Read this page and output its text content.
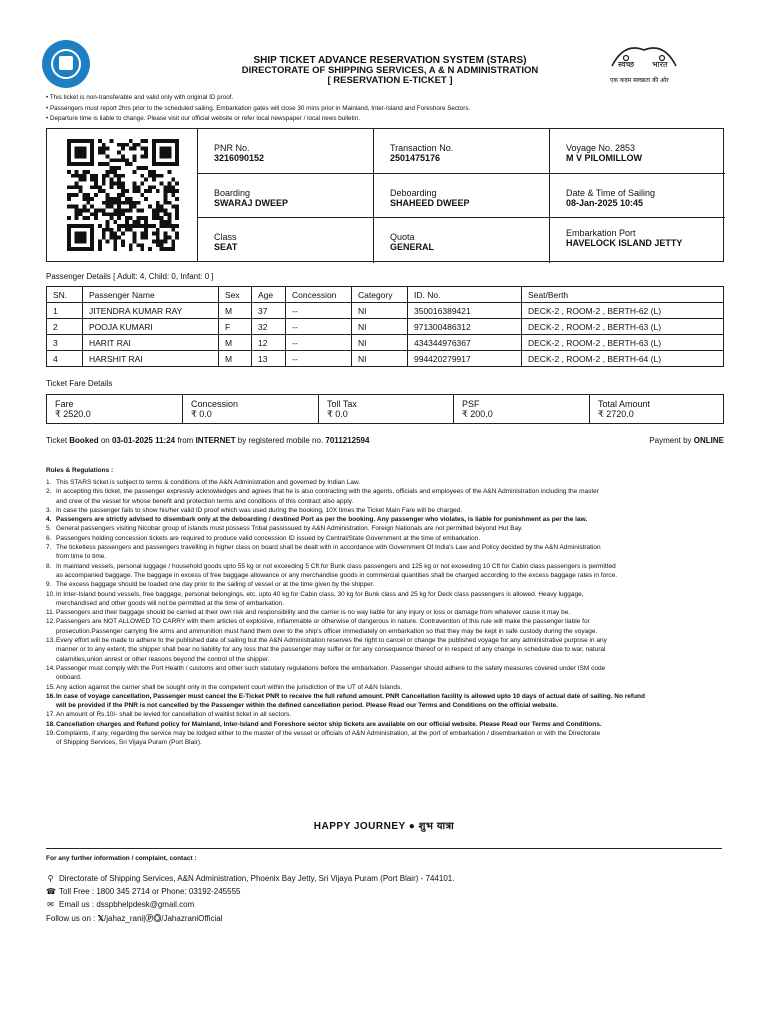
स्वच्छ भारत
एक कदम स्वच्छता की ओर
SHIP TICKET ADVANCE RESERVATION SYSTEM (STARS)
DIRECTORATE OF SHIPPING SERVICES, A & N ADMINISTRATION
[ RESERVATION E-TICKET ]
• This ticket is non-transferable and valid only with original ID proof.
• Passengers must report 2hrs prior to the scheduled sailing. Embarkation gates will close 30 mins prior in Mainland, Inter-Island and Foreshore Sectors.
• Departure time is liable to change. Please visit our official website or refer local newspaper / local news bulletin.
PNR No.
3216090152
Transaction No.
2501475176
Voyage No. 2853
M V PILOMILLOW
Boarding
SWARAJ DWEEP
Deboarding
SHAHEED DWEEP
Date & Time of Sailing
08-Jan-2025 10:45
Class
SEAT
Quota
GENERAL
Embarkation Port
HAVELOCK ISLAND JETTY
Passenger Details [ Adult: 4, Child: 0, Infant: 0 ]
SN.	Passenger Name	Sex	Age	Concession	Category	ID. No.	Seat/Berth
1	JITENDRA KUMAR RAY	M	37	--	NI	350016389421	DECK-2 , ROOM-2 , BERTH-62 (L)
2	POOJA KUMARI	F	32	--	NI	971300486312	DECK-2 , ROOM-2 , BERTH-63 (L)
3	HARIT RAI	M	12	--	NI	434344976367	DECK-2 , ROOM-2 , BERTH-63 (L)
4	HARSHIT RAI	M	13	--	NI	994420279917	DECK-2 , ROOM-2 , BERTH-64 (L)
Ticket Fare Details
Fare
₹ 2520.0
Concession
₹ 0.0
Toll Tax
₹ 0.0
PSF
₹ 200.0
Total Amount
₹ 2720.0
Ticket Booked on 03-01-2025 11:24 from INTERNET by registered mobile no. 7011212594	Payment by ONLINE
Rules & Regulations :
1. This STARS ticket is subject to terms & conditions of the A&N Administration and governed by Indian Law.
2. In accepting this ticket, the passenger expressly acknowledges and agrees that he is also contracting with the agents, officials and employees of the A&N Administration including the master
and crew of the vessel for whose benefit and protection terms and conditions of this contract also apply.
3. In case the passenger fails to show his/her valid ID proof which was used during the booking, 10X times the Ticket Main Fare will be charged.
4. Passengers are strictly advised to disembark only at the deboarding / destined Port as per the booking. Any passenger who violates, is liable for punishment as per the law.
5. General passengers visiting Nicobar group of islands must possess Tribal passissued by A&N Administration. Foreign Nationals are not permitted beyond Hut Bay.
6. Passengers holding concession tickets are required to produce valid concession ID issued by Central/State Government at the time of embarkation.
7. The ticketless passengers and passengers travelling in higher class on board shall be dealt with in accordance with Government Of India's Law and Policy decided by the A&N Administration
from time to time.
8. In mainland vessels, personal luggage / household goods upto 55 kg or not exceeding 5 Cft for Bunk class passengers and 125 kg or not exceeding 10 Cft for Cabin class passengers is permitted
as accompanied baggage. The baggage in excess of free baggage allowance or any merchandise goods in commercial quantities shall be charged according to the excess baggage rates in force.
9. The excess baggage should be loaded one day prior to the sailing of vessel or at the time given by the shipper.
10. In Inter-Island bound vessels, free baggage, personal belongings, etc. upto 40 kg for Cabin class, 30 kg for Bunk class and 25 kg for Deck class passengers is allowed. Heavy luggage,
merchandised and other goods will not be permitted at the time of embarkation.
11. Passengers and their baggage should be carried at their own risk and responsibility and the carrier is no way liable for any injury or loss or damage from whatever cause it may be.
12. Passengers are NOT ALLOWED TO CARRY with them articles of explosive, inflammable or otherwise of dangerous in nature. Contravention of this rule will make the passenger liable for
prosecution.Passenger carrying fire arms and ammunition must hand them over to the ship's officer immediately on embarkation so that they may be kept in safe custody during the voyage.
13. Every effort will be made to adhere to the published date of sailing but the A&N Administration reserves the right to cancel or change the published voyage for any administrative purpose in any
manner or to any extent, the shipper shall bear no liability for any loss that the passenger may suffer or for any consequence thereof or in respect of any change in schedule due to war, natural
calamities,union anrest or other reasons beyond the control of the shipper.
14. Passenger must comply with the Port Health / customs and other such statutary regulations before the embarkation. Passenger should adhere to the safety measures covered under ISM code
onboard.
15. Any action against the carrier shall be sought only in the competent court within the jurisdiction of the UT of A&N Islands.
16. In case of voyage cancellation, Passenger must cancel the E-Ticket PNR to receive the full refund amount. PNR Cancellation facility is allowed upto 10 days of actual date of sailing. No refund
will be provided if the PNR is not cancelled by the Passenger within the defined cancellation period. Please Read our Terms and Conditions on the official website.
17. An amount of Rs.10/- shall be levied for cancellation of waitlist ticket in all sectors.
18. Cancellation charges and Refund policy for Mainland, Inter-Island and Foreshore sector ship tickets are available on our official website. Please Read our Terms and Conditions.
19. Complaints, if any, regarding the service may be lodged either to the master of the vessel or officials of A&N Administration, at the port of embarkation / disembarkation or with the Directorate
of Shipping Services, Sri Vijaya Puram (Port Blair).
HAPPY JOURNEY ● शुभ यात्रा
For any further information / complaint, contact :
⚲ Directorate of Shipping Services, A&N Administration, Phoenix Bay Jetty, Sri Vijaya Puram (Port Blair) - 744101.
☎ Toll Free : 1800 345 2714 or Phone: 03192-245555
✉ Email us : dsspbhelpdesk@gmail.com
Follow us on : 𝕏/jahaz_rani|Ⓟ◎/JahazraniOfficial
